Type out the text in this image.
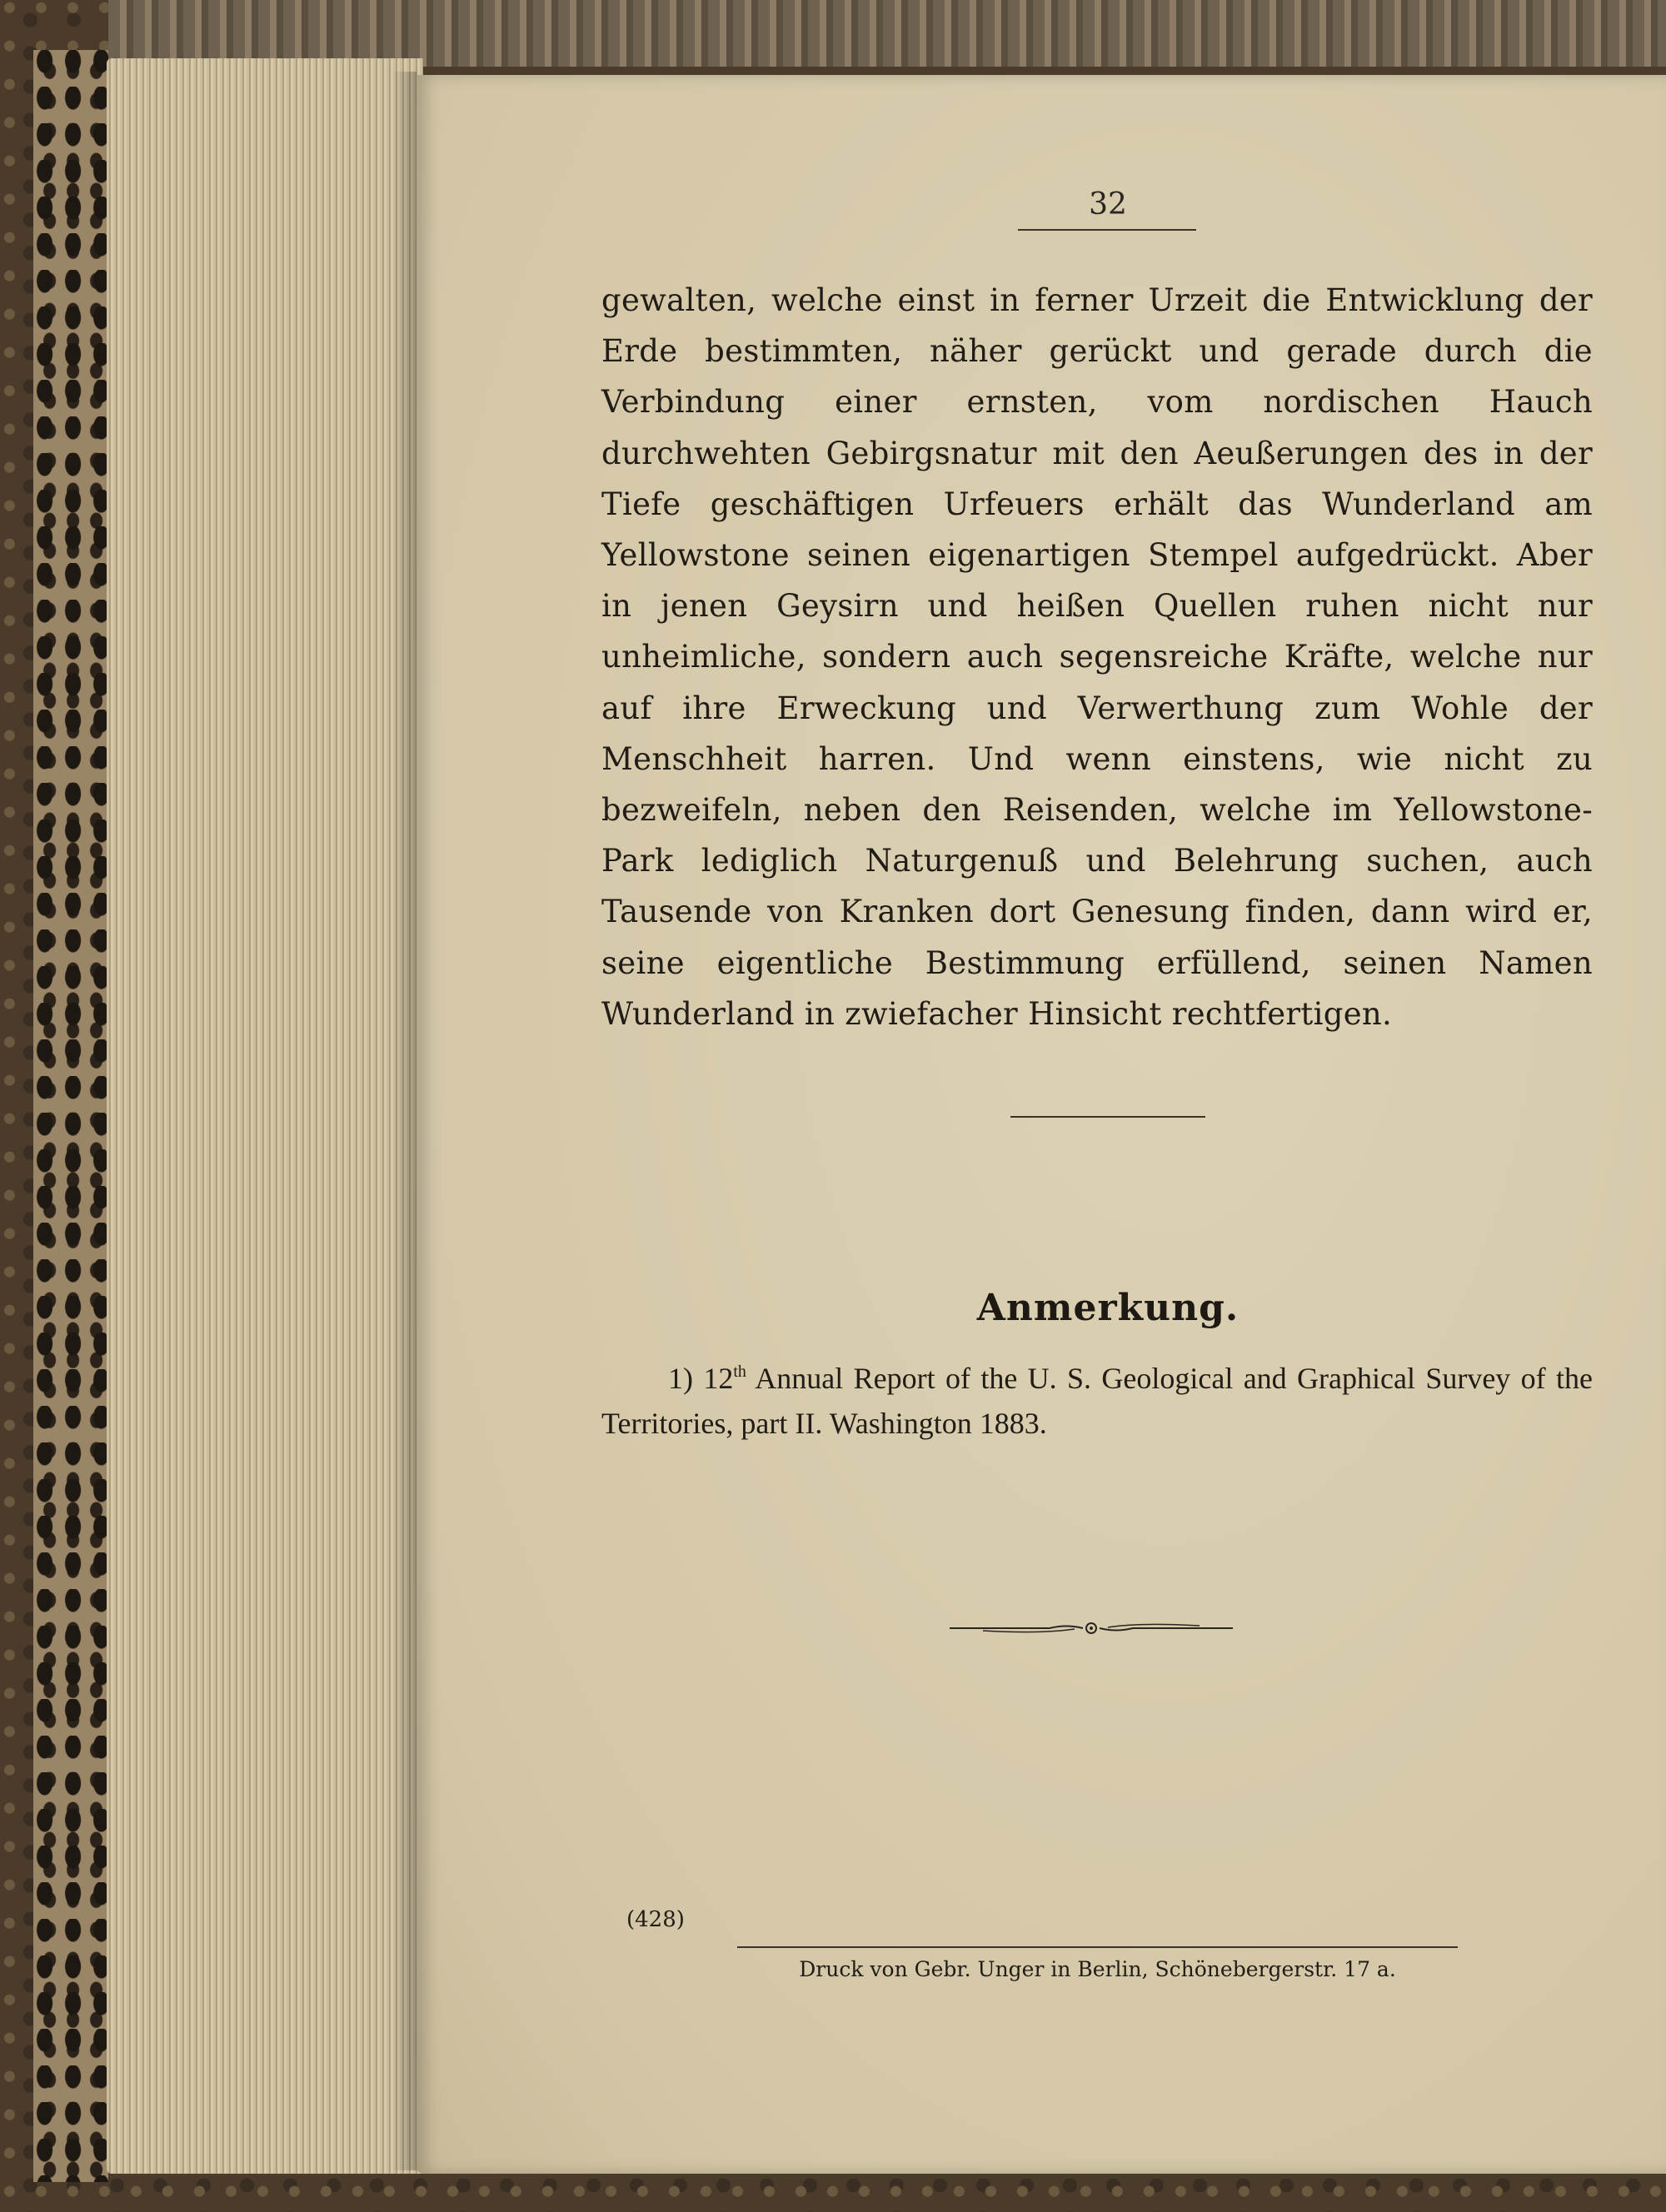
32
gewalten, welche einst in ferner Urzeit die Entwicklung der Erde bestimmten, näher gerückt und gerade durch die Verbindung einer ernsten, vom nordischen Hauch durchwehten Gebirgsnatur mit den Aeußerungen des in der Tiefe geschäftigen Urfeuers erhält das Wunderland am Yellowstone seinen eigenartigen Stempel aufgedrückt. Aber in jenen Geysirn und heißen Quellen ruhen nicht nur unheimliche, sondern auch segensreiche Kräfte, welche nur auf ihre Erweckung und Verwerthung zum Wohle der Menschheit harren. Und wenn einstens, wie nicht zu bezweifeln, neben den Reisenden, welche im Yellowstone-Park lediglich Naturgenuß und Belehrung suchen, auch Tausende von Kranken dort Genesung finden, dann wird er, seine eigentliche Bestimmung erfüllend, seinen Namen Wunderland in zwiefacher Hinsicht rechtfertigen.
Anmerkung.
1) 12th Annual Report of the U. S. Geological and Graphical Survey of the Territories, part II. Washington 1883.
(428)
Druck von Gebr. Unger in Berlin, Schönebergerstr. 17 a.
